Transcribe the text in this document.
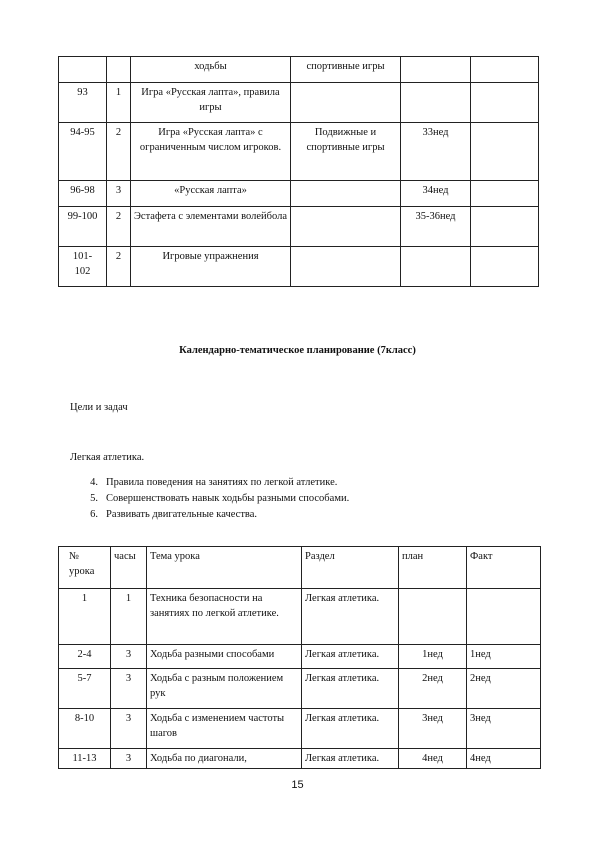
		ходьбы	спортивные игры		
93	1	Игра «Русская лапта», правила игры			
94-95	2	Игра «Русская лапта» с ограниченным числом игроков.	Подвижные и спортивные игры	33нед	
96-98	3	«Русская лапта»		34нед	
99-100	2	Эстафета с элементами волейбола		35-36нед	
101-102	2	Игровые упражнения			
Календарно-тематическое планирование (7класс)
Цели и задач
Легкая атлетика.
4. Правила поведения на занятиях по легкой атлетике.
5. Совершенствовать навык ходьбы разными способами.
6. Развивать двигательные качества.
№ урока	часы	Тема урока	Раздел	план	Факт
1	1	Техника безопасности на занятиях по легкой атлетике.	Легкая атлетика.		
2-4	3	Ходьба разными способами	Легкая атлетика.	1нед	1нед
5-7	3	Ходьба с разным положением рук	Легкая атлетика.	2нед	2нед
8-10	3	Ходьба с изменением частоты шагов	Легкая атлетика.	3нед	3нед
11-13	3	Ходьба по диагонали,	Легкая атлетика.	4нед	4нед
15
